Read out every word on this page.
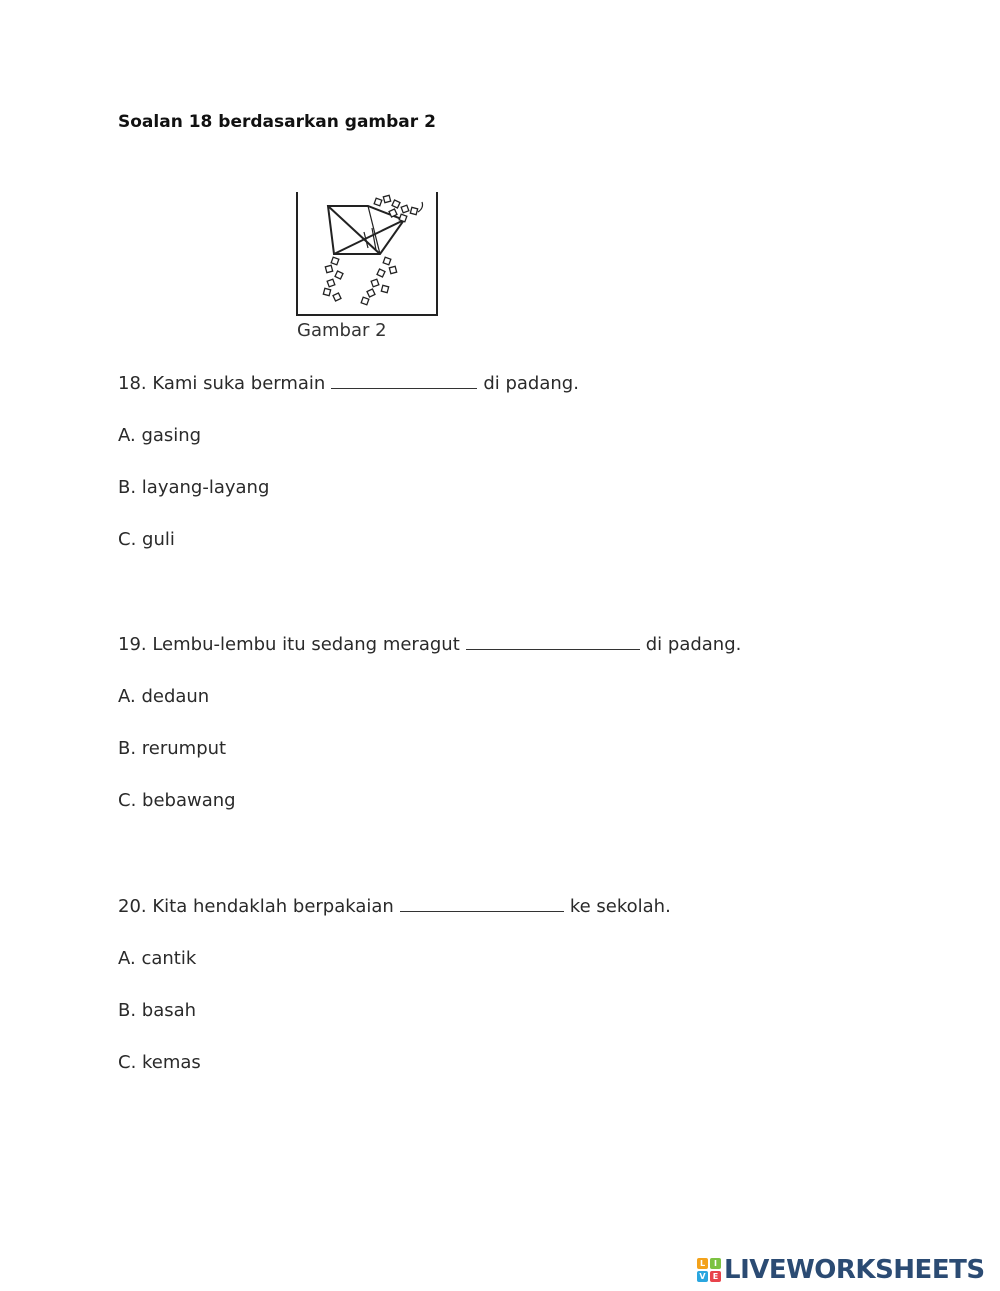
Soalan 18 berdasarkan gambar 2
Gambar 2
18. Kami suka bermain	di padang.
A. gasing
B. layang-layang
C. guli
19. Lembu-lembu itu sedang meragut	di padang.
A. dedaun
B. rerumput
C. bebawang
20. Kita hendaklah berpakaian	ke sekolah.
A. cantik
B. basah
C. kemas
L	I
V E LIVEWORKSHEETS
